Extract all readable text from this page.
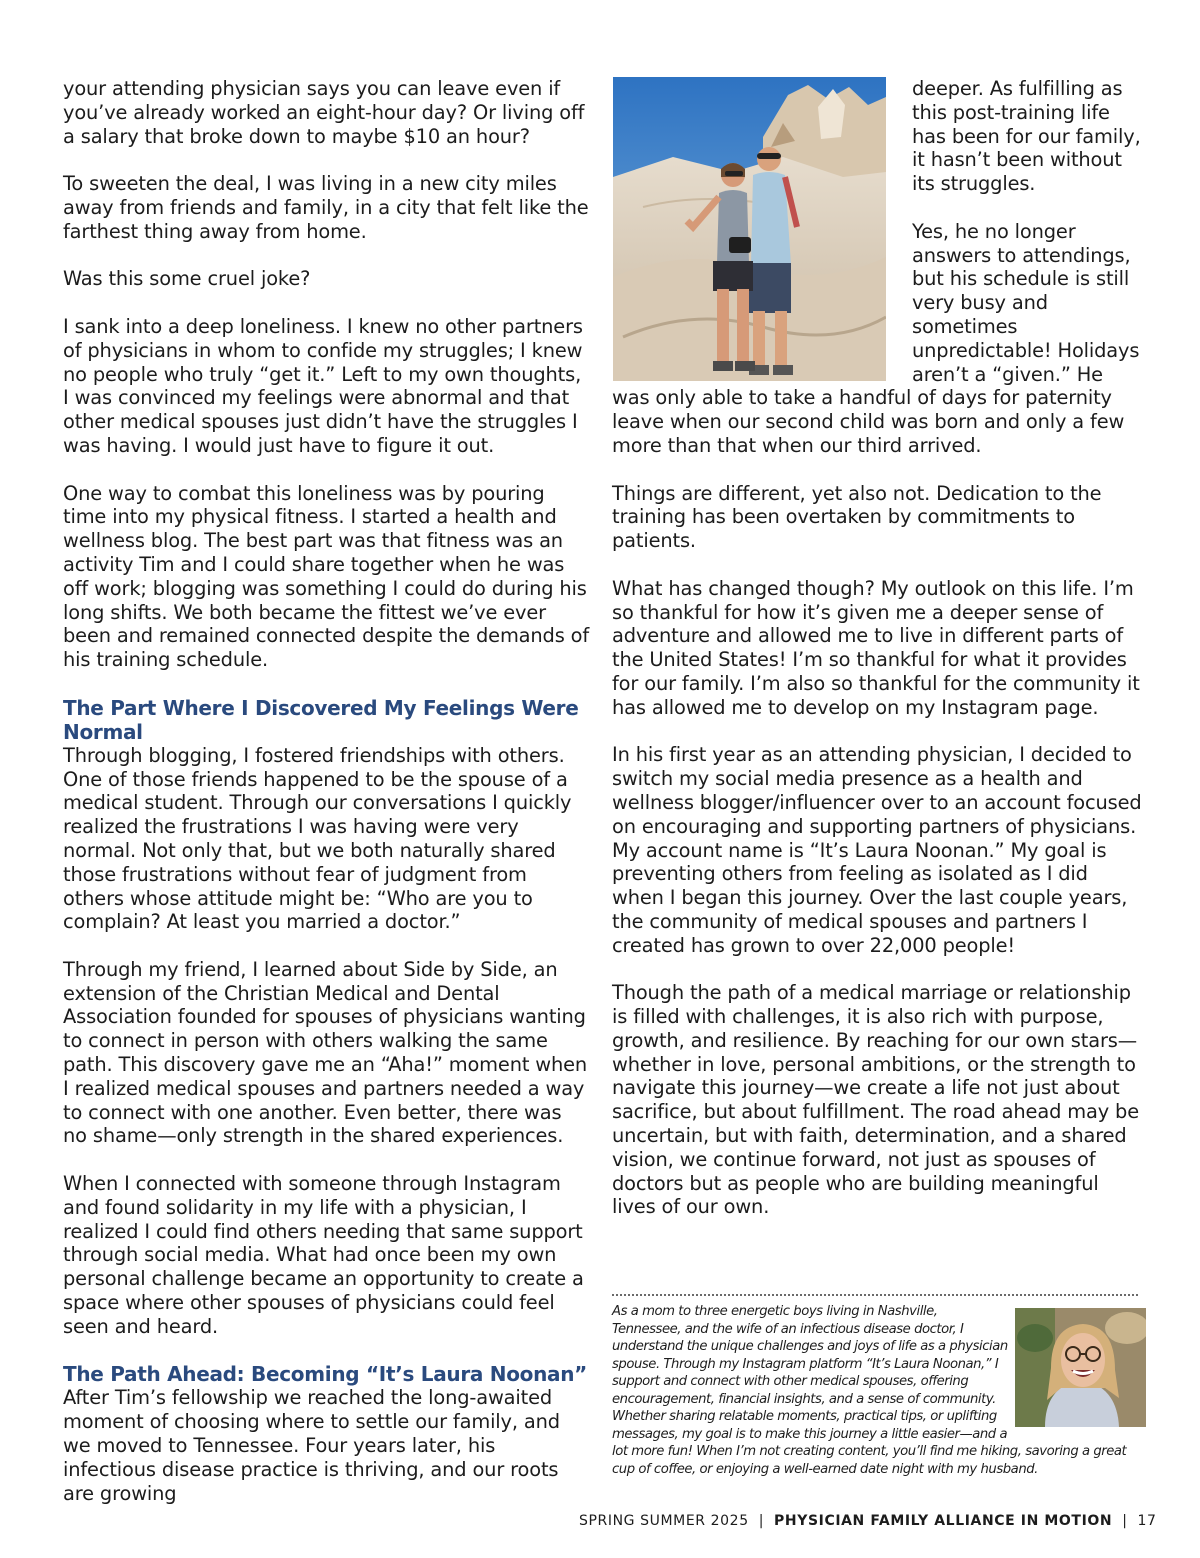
your attending physician says you can leave even if you’ve already worked an eight-hour day? Or living off a salary that broke down to maybe $10 an hour?

To sweeten the deal, I was living in a new city miles away from friends and family, in a city that felt like the farthest thing away from home.

Was this some cruel joke?

I sank into a deep loneliness. I knew no other partners of physicians in whom to confide my struggles; I knew no people who truly “get it.” Left to my own thoughts, I was convinced my feelings were abnormal and that other medical spouses just didn’t have the struggles I was having. I would just have to figure it out.

One way to combat this loneliness was by pouring time into my physical fitness. I started a health and wellness blog. The best part was that fitness was an activity Tim and I could share together when he was off work; blogging was something I could do during his long shifts. We both became the fittest we’ve ever been and remained connected despite the demands of his training schedule.

The Part Where I Discovered My Feelings Were Normal

Through blogging, I fostered friendships with others. One of those friends happened to be the spouse of a medical student. Through our conversations I quickly realized the frustrations I was having were very normal. Not only that, but we both naturally shared those frustrations without fear of judgment from others whose attitude might be: “Who are you to complain? At least you married a doctor.”

Through my friend, I learned about Side by Side, an extension of the Christian Medical and Dental Association founded for spouses of physicians wanting to connect in person with others walking the same path. This discovery gave me an “Aha!” moment when I realized medical spouses and partners needed a way to connect with one another. Even better, there was no shame—only strength in the shared experiences.

When I connected with someone through Instagram and found solidarity in my life with a physician, I realized I could find others needing that same support through social media. What had once been my own personal challenge became an opportunity to create a space where other spouses of physicians could feel seen and heard.

The Path Ahead: Becoming “It’s Laura Noonan”

After Tim’s fellowship we reached the long-awaited moment of choosing where to settle our family, and we moved to Tennessee. Four years later, his infectious disease practice is thriving, and our roots are growing

deeper. As fulfilling as this post-training life has been for our family, it hasn’t been without its struggles.

Yes, he no longer answers to attendings, but his schedule is still very busy and sometimes unpredictable! Holidays aren’t a “given.” He was only able to take a handful of days for paternity leave when our second child was born and only a few more than that when our third arrived.

Things are different, yet also not. Dedication to the training has been overtaken by commitments to patients.

What has changed though? My outlook on this life. I’m so thankful for how it’s given me a deeper sense of adventure and allowed me to live in different parts of the United States! I’m so thankful for what it provides for our family. I’m also so thankful for the community it has allowed me to develop on my Instagram page.

In his first year as an attending physician, I decided to switch my social media presence as a health and wellness blogger/influencer over to an account focused on encouraging and supporting partners of physicians. My account name is “It’s Laura Noonan.” My goal is preventing others from feeling as isolated as I did when I began this journey. Over the last couple years, the community of medical spouses and partners I created has grown to over 22,000 people!

Though the path of a medical marriage or relationship is filled with challenges, it is also rich with purpose, growth, and resilience. By reaching for our own stars—whether in love, personal ambitions, or the strength to navigate this journey—we create a life not just about sacrifice, but about fulfillment. The road ahead may be uncertain, but with faith, determination, and a shared vision, we continue forward, not just as spouses of doctors but as people who are building meaningful lives of our own.

As a mom to three energetic boys living in Nashville, Tennessee, and the wife of an infectious disease doctor, I understand the unique challenges and joys of life as a physician spouse. Through my Instagram platform “It’s Laura Noonan,” I support and connect with other medical spouses, offering encouragement, financial insights, and a sense of community. Whether sharing relatable moments, practical tips, or uplifting messages, my goal is to make this journey a little easier—and a lot more fun! When I’m not creating content, you’ll find me hiking, savoring a great cup of coffee, or enjoying a well-earned date night with my husband.
SPRING SUMMER 2025 | PHYSICIAN FAMILY ALLIANCE IN MOTION | 17
